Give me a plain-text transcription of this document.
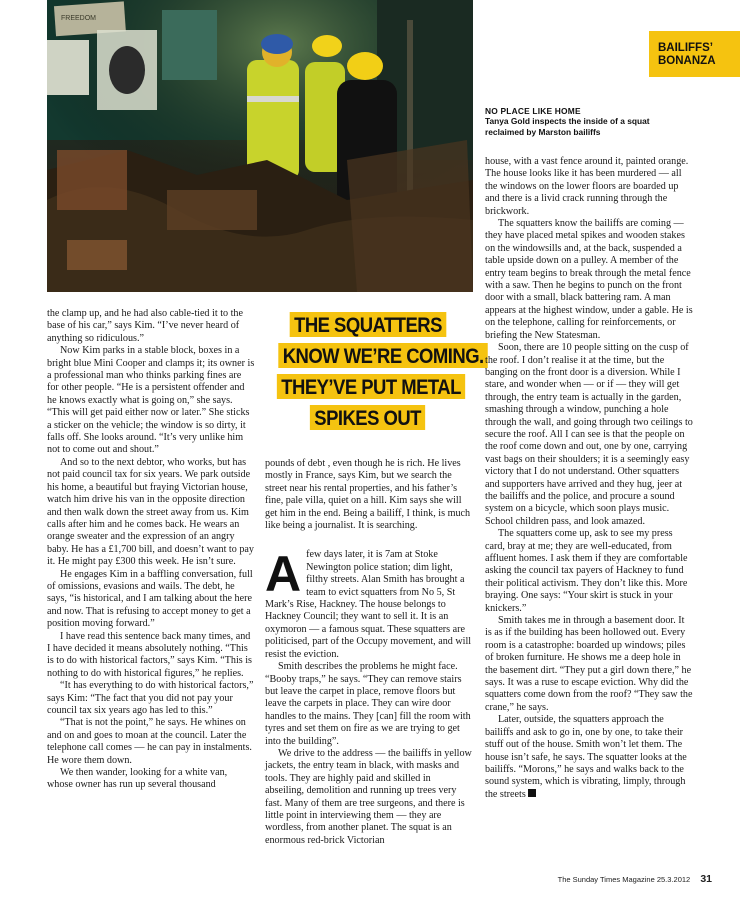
FREEDOM
BAILIFFS’
BONANZA
NO PLACE LIKE HOME
Tanya Gold inspects the inside of a squat reclaimed by Marston bailiffs

the clamp up, and he had also cable-tied it to the base of his car,” says Kim. “I’ve never heard of anything so ridiculous.”

Now Kim parks in a stable block, boxes in a bright blue Mini Cooper and clamps it; its owner is a professional man who thinks parking fines are for other people. “He is a persistent offender and he knows exactly what is going on,” she says. “This will get paid either now or later.” She sticks a sticker on the vehicle; the window is so dirty, it falls off. She looks around. “It’s very unlike him not to come out and shout.”

And so to the next debtor, who works, but has not paid council tax for six years. We park outside his home, a beautiful but fraying Victorian house, watch him drive his van in the opposite direction and then walk down the street away from us. Kim calls after him and he comes back. He wears an orange sweater and the expression of an angry baby. He has a £1,700 bill, and doesn’t want to pay it. He might pay £300 this week. He isn’t sure.

He engages Kim in a baffling conversation, full of omissions, evasions and wails. The debt, he says, “is historical, and I am talking about the here and now. That is refusing to accept money to get a position moving forward.”

I have read this sentence back many times, and I have decided it means absolutely nothing. “This is to do with historical factors,” says Kim. “This is nothing to do with historical figures,” he replies.

“It has everything to do with historical factors,” says Kim: “The fact that you did not pay your council tax six years ago has led to this.”

“That is not the point,” he says. He whines on and on and goes to moan at the council. Later the telephone call comes — he can pay in instalments. He wore them down.

We then wander, looking for a white van, whose owner has run up several thousand

THE SQUATTERS
KNOW WE’RE COMING.
THEY’VE PUT METAL
SPIKES OUT

pounds of debt , even though he is rich. He lives mostly in France, says Kim, but we search the street near his rental properties, and his father’s fine, pale villa, quiet on a hill. Kim says she will get him in the end. Being a bailiff, I think, is much like being a journalist. It is searching.

Afew days later, it is 7am at Stoke Newington police station; dim light, filthy streets. Alan Smith has brought a team to evict squatters from No 5, St Mark’s Rise, Hackney. The house belongs to Hackney Council; they want to sell it. It is an oxymoron — a famous squat. These squatters are politicised, part of the Occupy movement, and will resist the eviction.

Smith describes the problems he might face. “Booby traps,” he says. “They can remove stairs but leave the carpet in place, remove floors but leave the carpets in place. They can wire door handles to the mains. They [can] fill the room with tyres and set them on fire as we are trying to get into the building”.

We drive to the address — the bailiffs in yellow jackets, the entry team in black, with masks and tools. They are highly paid and skilled in abseiling, demolition and running up trees very fast. Many of them are tree surgeons, and there is little point in interviewing them — they are wordless, from another planet. The squat is an enormous red-brick Victorian

house, with a vast fence around it, painted orange. The house looks like it has been murdered — all the windows on the lower floors are boarded up and there is a livid crack running through the brickwork.

The squatters know the bailiffs are coming — they have placed metal spikes and wooden stakes on the windowsills and, at the back, suspended a table upside down on a pulley. A member of the entry team begins to break through the metal fence with a saw. Then he begins to punch on the front door with a small, black battering ram. A man appears at the highest window, under a gable. He is on the telephone, calling for reinforcements, or briefing the New Statesman.

Soon, there are 10 people sitting on the cusp of the roof. I don’t realise it at the time, but the banging on the front door is a diversion. While I stare, and wonder when — or if — they will get through, the entry team is actually in the garden, smashing through a window, punching a hole through the wall, and going through two ceilings to secure the roof. All I can see is that the people on the roof come down and out, one by one, carrying vast bags on their shoulders; it is a seemingly easy victory that I do not understand. Other squatters and supporters have arrived and they hug, jeer at the bailiffs and the police, and procure a sound system on a bicycle, which soon plays music. School children pass, and look amazed.

The squatters come up, ask to see my press card, bray at me; they are well-educated, from affluent homes. I ask them if they are comfortable asking the council tax payers of Hackney to fund their political activism. They don’t like this. More braying. One says: “Your skirt is stuck in your knickers.”

Smith takes me in through a basement door. It is as if the building has been hollowed out. Every room is a catastrophe: boarded up windows; piles of broken furniture. He shows me a deep hole in the basement dirt. “They put a girl down there,” he says. It was a ruse to escape eviction. Why did the squatters come down from the roof? “They saw the crane,” he says.

Later, outside, the squatters approach the bailiffs and ask to go in, one by one, to take their stuff out of the house. Smith won’t let them. The house isn’t safe, he says. The squatter looks at the bailiffs. “Morons,” he says and walks back to the sound system, which is vibrating, limply, through the streets

The Sunday Times Magazine 25.3.2012 31
